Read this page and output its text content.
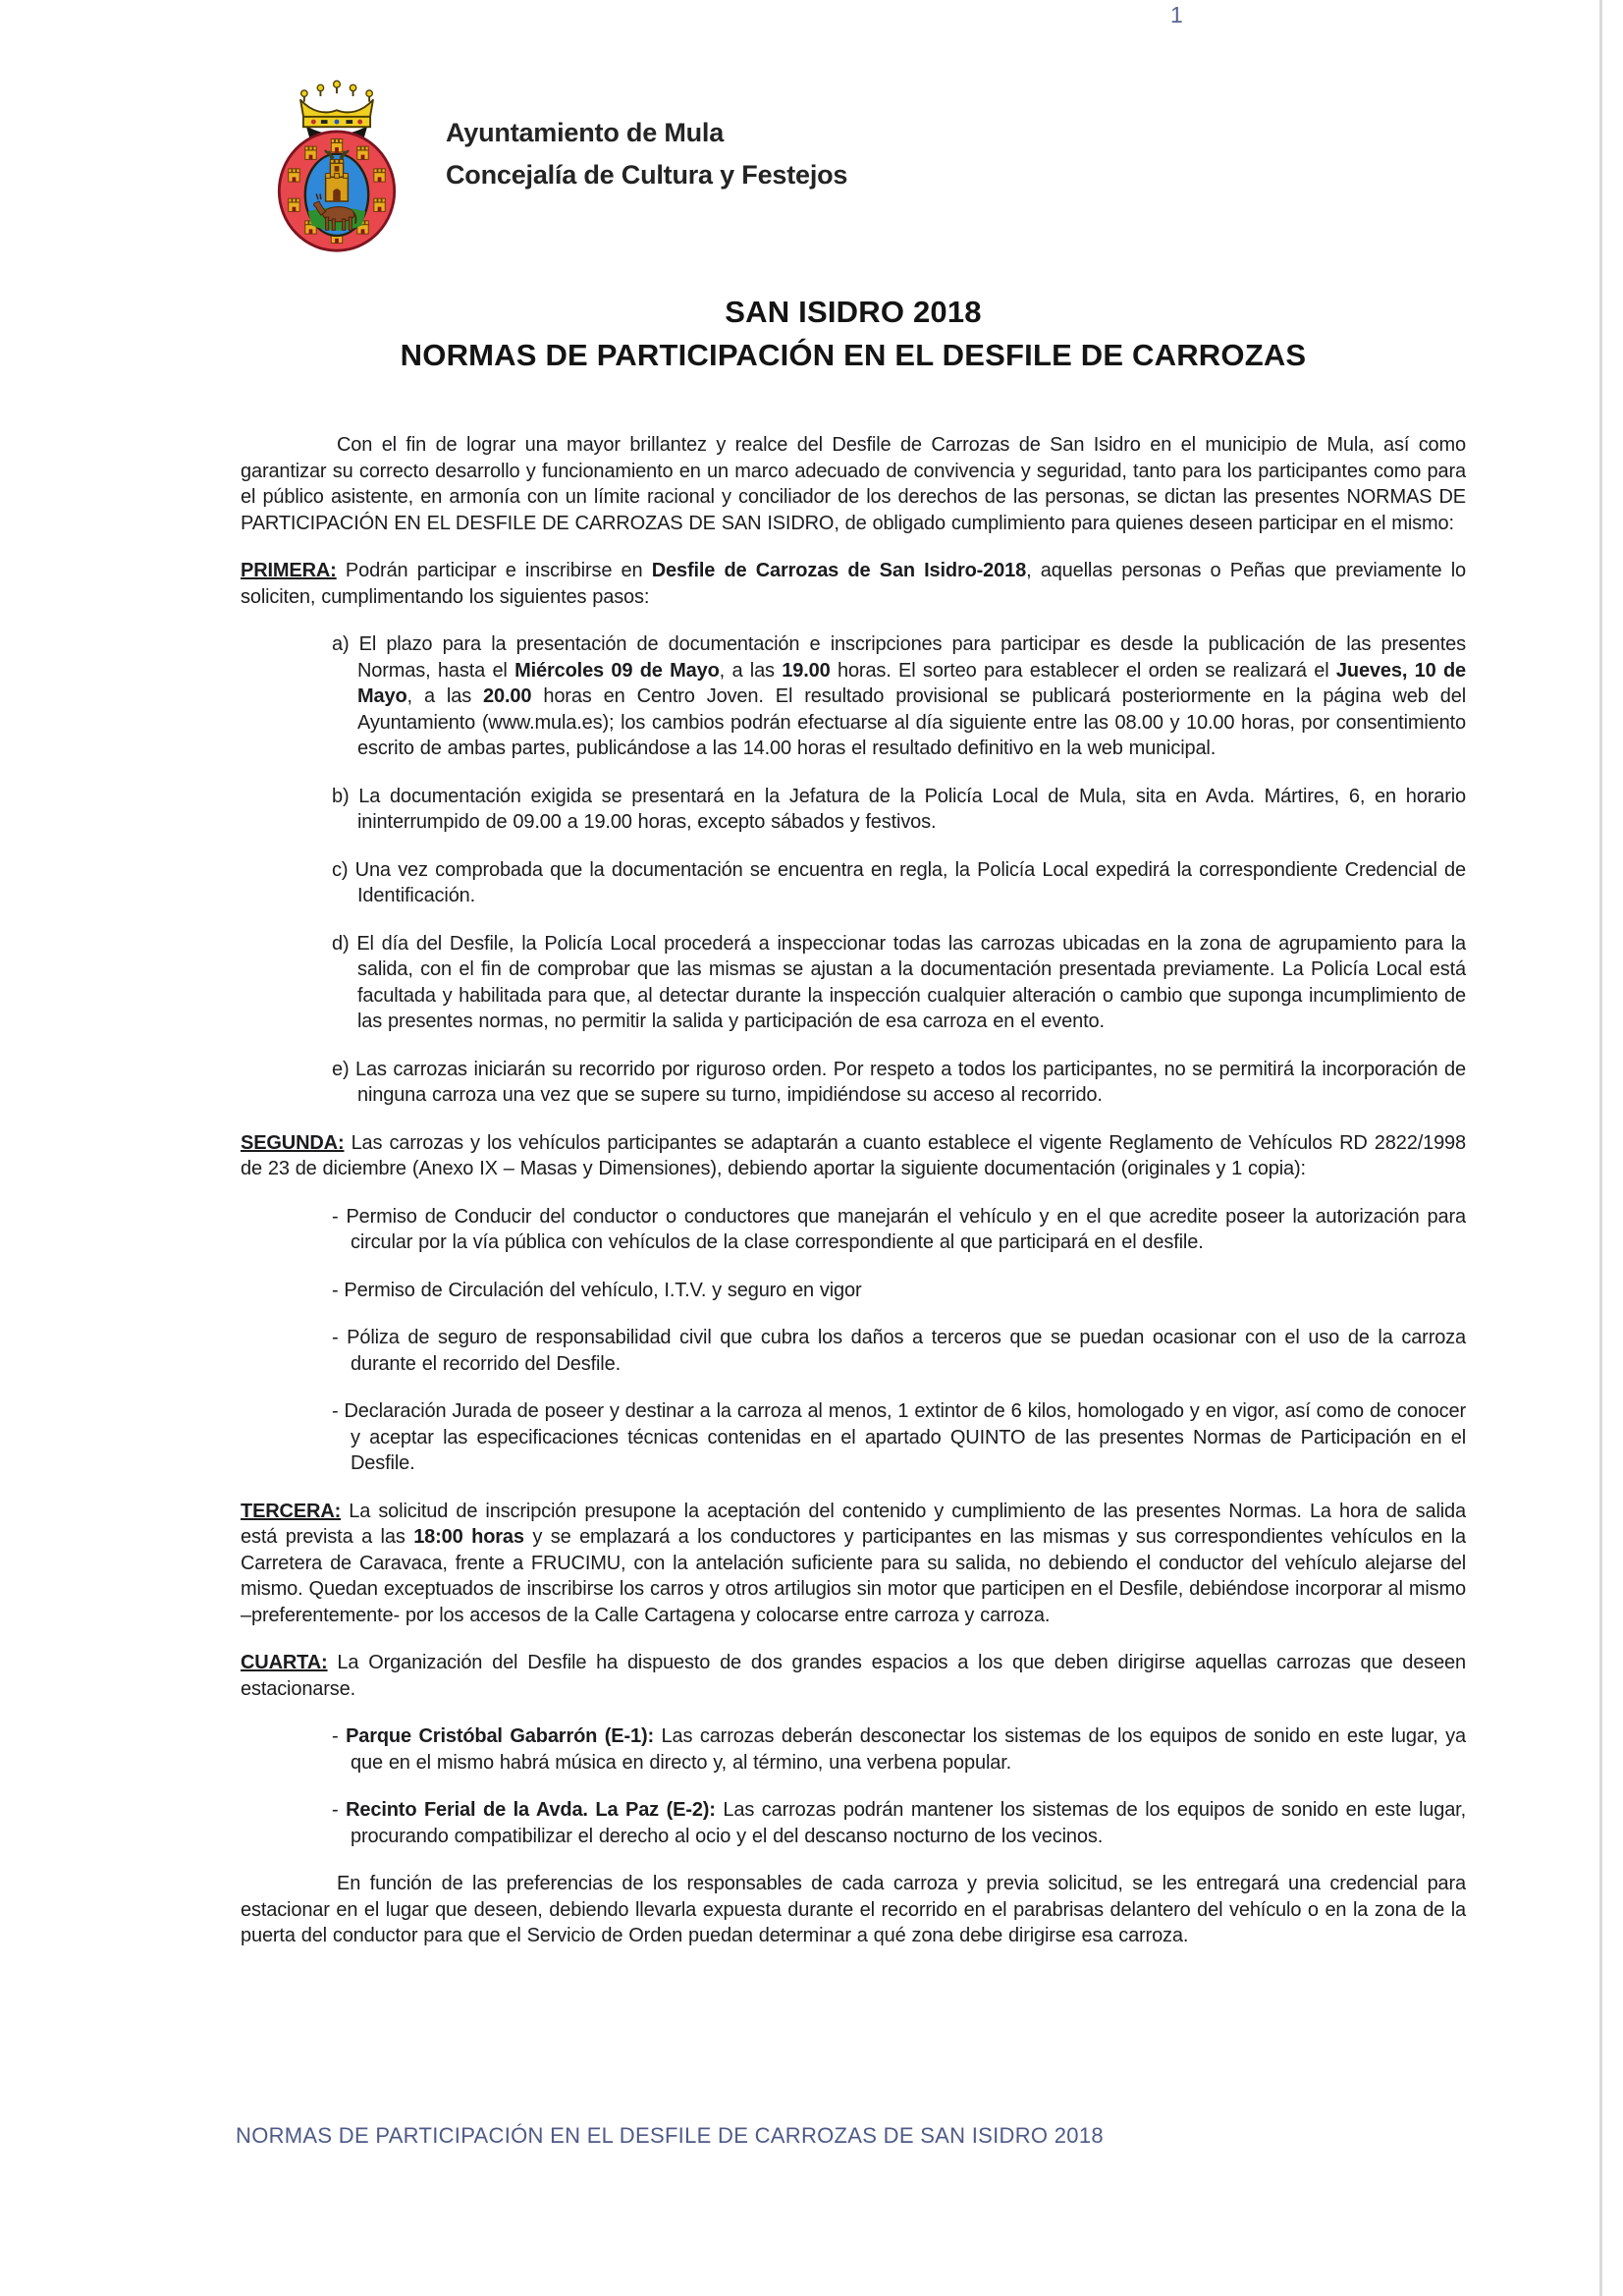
Ayuntamiento de Mula
Concejalía de Cultura y Festejos
SAN ISIDRO 2018
NORMAS DE PARTICIPACIÓN EN EL DESFILE DE CARROZAS

Con el fin de lograr una mayor brillantez y realce del Desfile de Carrozas de San Isidro en el municipio de Mula, así como garantizar su correcto desarrollo y funcionamiento en un marco adecuado de convivencia y seguridad, tanto para los participantes como para el público asistente, en armonía con un límite racional y conciliador de los derechos de las personas, se dictan las presentes NORMAS DE PARTICIPACIÓN EN EL DESFILE DE CARROZAS DE SAN ISIDRO, de obligado cumplimiento para quienes deseen participar en el mismo:

PRIMERA: Podrán participar e inscribirse en Desfile de Carrozas de San Isidro-2018, aquellas personas o Peñas que previamente lo soliciten, cumplimentando los siguientes pasos:

a) El plazo para la presentación de documentación e inscripciones para participar es desde la publicación de las presentes Normas, hasta el Miércoles 09 de Mayo, a las 19.00 horas. El sorteo para establecer el orden se realizará el Jueves, 10 de Mayo, a las 20.00 horas en Centro Joven. El resultado provisional se publicará posteriormente en la página web del Ayuntamiento (www.mula.es); los cambios podrán efectuarse al día siguiente entre las 08.00 y 10.00 horas, por consentimiento escrito de ambas partes, publicándose a las 14.00 horas el resultado definitivo en la web municipal.

b) La documentación exigida se presentará en la Jefatura de la Policía Local de Mula, sita en Avda. Mártires, 6, en horario ininterrumpido de 09.00 a 19.00 horas, excepto sábados y festivos.

c) Una vez comprobada que la documentación se encuentra en regla, la Policía Local expedirá la correspondiente Credencial de Identificación.

d) El día del Desfile, la Policía Local procederá a inspeccionar todas las carrozas ubicadas en la zona de agrupamiento para la salida, con el fin de comprobar que las mismas se ajustan a la documentación presentada previamente. La Policía Local está facultada y habilitada para que, al detectar durante la inspección cualquier alteración o cambio que suponga incumplimiento de las presentes normas, no permitir la salida y participación de esa carroza en el evento.

e) Las carrozas iniciarán su recorrido por riguroso orden. Por respeto a todos los participantes, no se permitirá la incorporación de ninguna carroza una vez que se supere su turno, impidiéndose su acceso al recorrido.

SEGUNDA: Las carrozas y los vehículos participantes se adaptarán a cuanto establece el vigente Reglamento de Vehículos RD 2822/1998 de 23 de diciembre (Anexo IX – Masas y Dimensiones), debiendo aportar la siguiente documentación (originales y 1 copia):

- Permiso de Conducir del conductor o conductores que manejarán el vehículo y en el que acredite poseer la autorización para circular por la vía pública con vehículos de la clase correspondiente al que participará en el desfile.

- Permiso de Circulación del vehículo, I.T.V. y seguro en vigor

- Póliza de seguro de responsabilidad civil que cubra los daños a terceros que se puedan ocasionar con el uso de la carroza durante el recorrido del Desfile.

- Declaración Jurada de poseer y destinar a la carroza al menos, 1 extintor de 6 kilos, homologado y en vigor, así como de conocer y aceptar las especificaciones técnicas contenidas en el apartado QUINTO de las presentes Normas de Participación en el Desfile.

TERCERA: La solicitud de inscripción presupone la aceptación del contenido y cumplimiento de las presentes Normas. La hora de salida está prevista a las 18:00 horas y se emplazará a los conductores y participantes en las mismas y sus correspondientes vehículos en la Carretera de Caravaca, frente a FRUCIMU, con la antelación suficiente para su salida, no debiendo el conductor del vehículo alejarse del mismo. Quedan exceptuados de inscribirse los carros y otros artilugios sin motor que participen en el Desfile, debiéndose incorporar al mismo –preferentemente- por los accesos de la Calle Cartagena y colocarse entre carroza y carroza.

CUARTA: La Organización del Desfile ha dispuesto de dos grandes espacios a los que deben dirigirse aquellas carrozas que deseen estacionarse.

- Parque Cristóbal Gabarrón (E-1): Las carrozas deberán desconectar los sistemas de los equipos de sonido en este lugar, ya que en el mismo habrá música en directo y, al término, una verbena popular.

- Recinto Ferial de la Avda. La Paz (E-2): Las carrozas podrán mantener los sistemas de los equipos de sonido en este lugar, procurando compatibilizar el derecho al ocio y el del descanso nocturno de los vecinos.

En función de las preferencias de los responsables de cada carroza y previa solicitud, se les entregará una credencial para estacionar en el lugar que deseen, debiendo llevarla expuesta durante el recorrido en el parabrisas delantero del vehículo o en la zona de la puerta del conductor para que el Servicio de Orden puedan determinar a qué zona debe dirigirse esa carroza.

NORMAS DE PARTICIPACIÓN EN EL DESFILE DE CARROZAS DE SAN ISIDRO 2018
1
